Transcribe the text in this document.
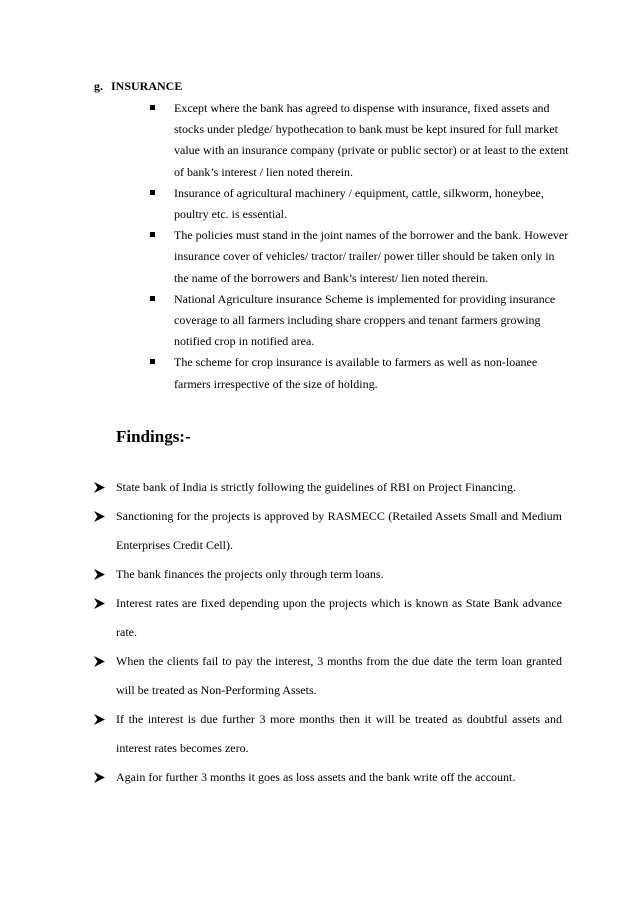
g. INSURANCE
Except where the bank has agreed to dispense with insurance, fixed assets and stocks under pledge/ hypothecation to bank must be kept insured for full market value with an insurance company (private or public sector) or at least to the extent of bank’s interest / lien noted therein.
Insurance of agricultural machinery / equipment, cattle, silkworm, honeybee, poultry etc. is essential.
The policies must stand in the joint names of the borrower and the bank. However insurance cover of vehicles/ tractor/ trailer/ power tiller should be taken only in the name of the borrowers and Bank’s interest/ lien noted therein.
National Agriculture insurance Scheme is implemented for providing insurance coverage to all farmers including share croppers and tenant farmers growing notified crop in notified area.
The scheme for crop insurance is available to farmers as well as non-loanee farmers irrespective of the size of holding.
Findings:-
State bank of India is strictly following the guidelines of RBI on Project Financing.
Sanctioning for the projects is approved by RASMECC (Retailed Assets Small and Medium Enterprises Credit Cell).
The bank finances the projects only through term loans.
Interest rates are fixed depending upon the projects which is known as State Bank advance rate.
When the clients fail to pay the interest, 3 months from the due date the term loan granted will be treated as Non-Performing Assets.
If the interest is due further 3 more months then it will be treated as doubtful assets and interest rates becomes zero.
Again for further 3 months it goes as loss assets and the bank write off the account.
